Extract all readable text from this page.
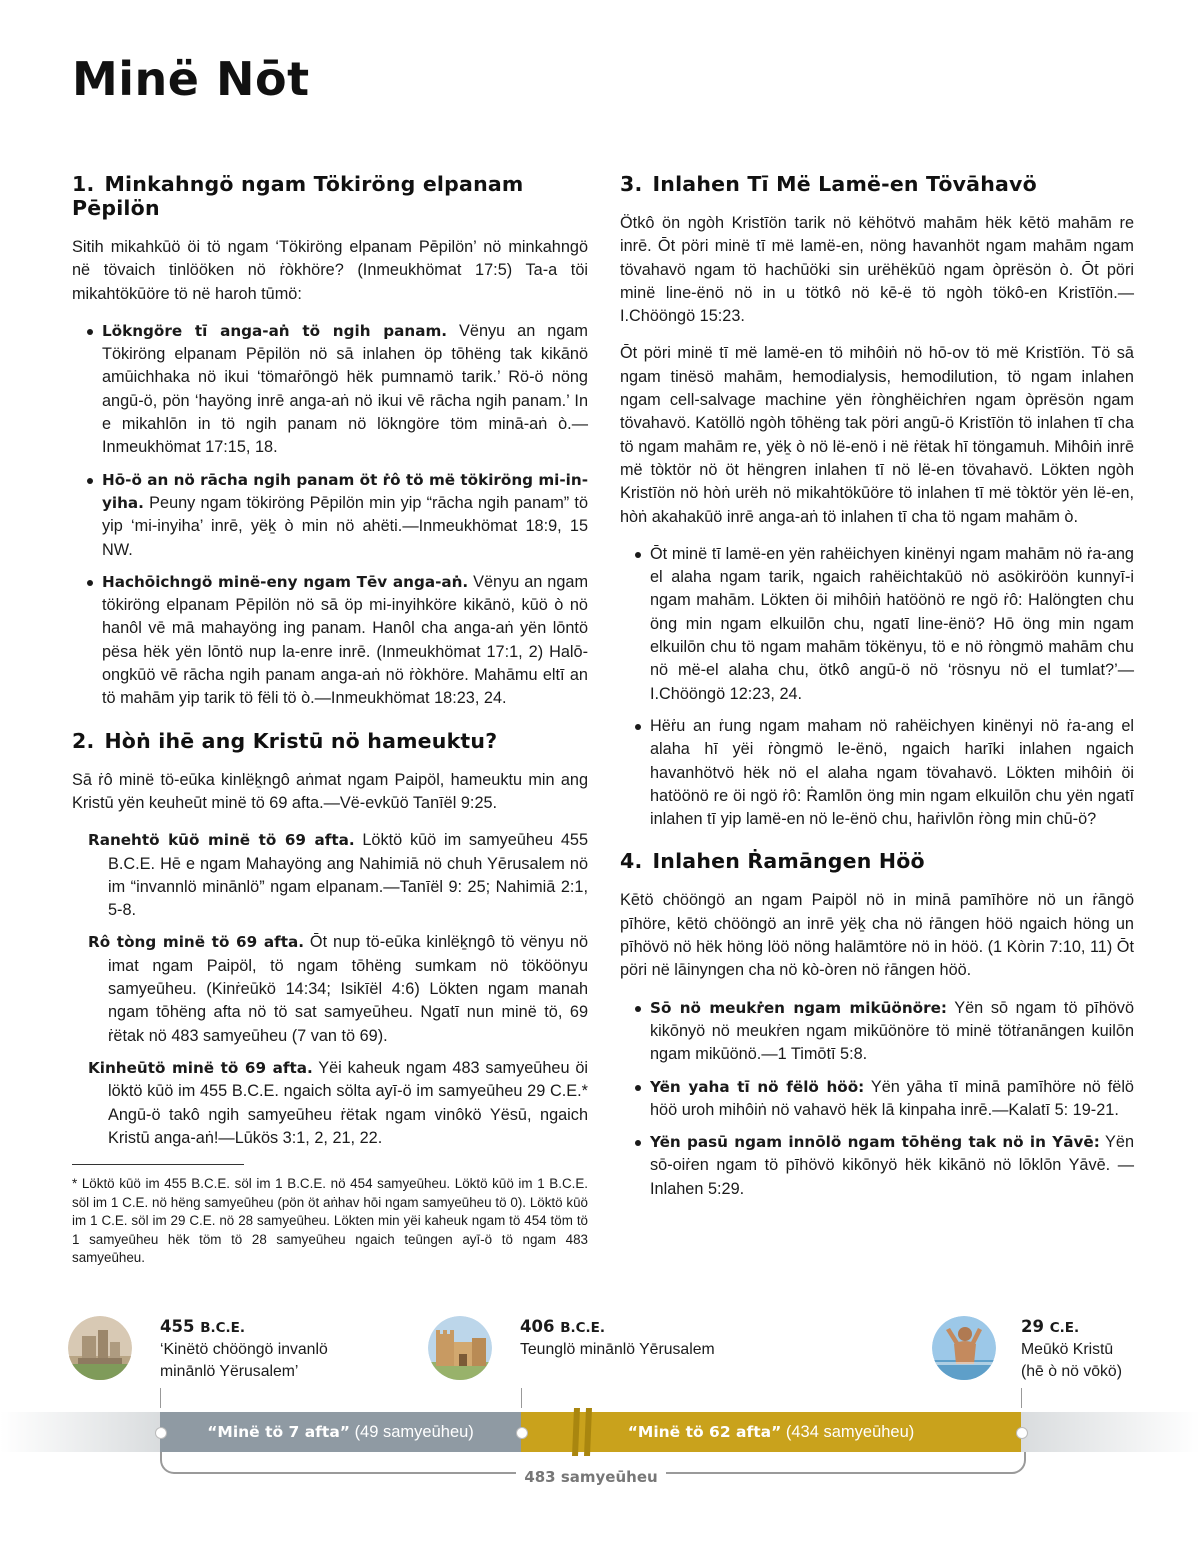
Minë Nōt
1. Minkahngö ngam Tökiröng elpanam Pēpilön

Sitih mikahkūö öi tö ngam ‘Tökiröng elpanam Pēpilön’ nö minkahngö në tövaich tinlööken nö ṙòkhöre? (Inmeukhömat 17:5) Ta-a töi mikahtökūöre tö në haroh tūmö:

Lökngöre tī anga-aṅ tö ngih panam. Vënyu an ngam Tökiröng elpanam Pēpilön nö sā inlahen öp tōhëng tak kikānö amūichhaka nö ikui ‘tömaṙōngö hëk pumnamö tarik.’ Rö-ö nöng angū-ö, pön ‘hayöng inrē anga-aṅ nö ikui vē rācha ngih panam.’ In e mikahlōn in tö ngih panam nö lökngöre töm minā-aṅ ò.—Inmeukhömat 17:15, 18.
Hō-ö an nö rācha ngih panam öt ṙô tö më tökiröng mi-inyiha. Peuny ngam tökiröng Pēpilön min yip “rācha ngih panam” tö yip ‘mi-inyiha’ inrē, yëḵ ò min nö ahëti.—Inmeukhömat 18:9, 15 NW.
Hachōichngö minë-eny ngam Tēv anga-aṅ. Vënyu an ngam tökiröng elpanam Pēpilön nö sā öp mi-inyihköre kikānö, kūö ò nö hanôl vē mā mahayöng ing panam. Hanôl cha anga-aṅ yën lōntö pësa hëk yën lōntö nup la-enre inrē. (Inmeukhömat 17:1, 2) Halō-ongkūö vē rācha ngih panam anga-aṅ nö ṙòkhöre. Mahāmu eltī an tö mahām yip tarik tö fëli tö ò.—Inmeukhömat 18:23, 24.
2. Hòṅ ihē ang Kristū nö hameuktu?

Sā ṙô minë tö-eūka kinlëḵngô aṅmat ngam Paipöl, hameuktu min ang Kristū yën keuheūt minë tö 69 afta.—Vë-evkūö Tanīël 9:25.

Ranehtö kūö minë tö 69 afta. Löktö kūö im samyeūheu 455 B.C.E. Hē e ngam Mahayöng ang Nahimiā nö chuh Yērusalem nö im “invannlö minānlö” ngam elpanam.—Tanīël 9: 25; Nahimiā 2:1, 5-8.
Rô tòng minë tö 69 afta. Ōt nup tö-eūka kinlëḵngô tö vënyu nö imat ngam Paipöl, tö ngam tōhëng sumkam nö tököönyu samyeūheu. (Kinṙeūkö 14:34; Isikīël 4:6) Lökten ngam manah ngam tōhëng afta nö tö sat samyeūheu. Ngatī nun minë tö, 69 ṙëtak nö 483 samyeūheu (7 van tö 69).
Kinheūtö minë tö 69 afta. Yëi kaheuk ngam 483 samyeūheu öi löktö kūö im 455 B.C.E. ngaich sölta ayī-ö im samyeūheu 29 C.E.* Angū-ö takô ngih samyeūheu ṙëtak ngam vinôkö Yësū, ngaich Kristū anga-aṅ!—Lūkös 3:1, 2, 21, 22.

* Löktö kūö im 455 B.C.E. söl im 1 B.C.E. nö 454 samyeūheu. Löktö kūö im 1 B.C.E. söl im 1 C.E. nö hëng samyeūheu (pön öt aṅhav hōi ngam samyeūheu tö 0). Löktö kūö im 1 C.E. söl im 29 C.E. nö 28 samyeūheu. Lökten min yëi kaheuk ngam tö 454 töm tö 1 samyeūheu hëk töm tö 28 samyeūheu ngaich teūngen ayī-ö tö ngam 483 samyeūheu.

3. Inlahen Tī Më Lamë-en Tövāhavö

Ötkô ön ngòh Kristīön tarik nö këhötvö mahām hëk kētö mahām re inrē. Ōt pöri minë tī më lamë-en, nöng havanhöt ngam mahām ngam tövahavö ngam tö hachūöki sin urëhëkūö ngam òprësön ò. Ōt pöri minë line-ënö nö in u tötkô nö kē-ë tö ngòh tökô-en Kristīön.—I.Chööngö 15:23.

Ōt pöri minë tī më lamë-en tö mihôiṅ nö hō-ov tö më Kristīön. Tö sā ngam tinësö mahām, hemodialysis, hemodilution, tö ngam inlahen ngam cell-salvage machine yën ṙònghëichṙen ngam òprësön ngam tövahavö. Katöllö ngòh tōhëng tak pöri angū-ö Kristīön tö inlahen tī cha tö ngam mahām re, yëḵ ò nö lë-enö i në ṙëtak hī töngamuh. Mihôiṅ inrē më tòktör nö öt hëngren inlahen tī nö lë-en tövahavö. Lökten ngòh Kristīön nö hòṅ urëh nö mikahtökūöre tö inlahen tī më tòktör yën lë-en, hòṅ akahakūö inrē anga-aṅ tö inlahen tī cha tö ngam mahām ò.

Ōt minë tī lamë-en yën rahëichyen kinënyi ngam mahām nö ṙa-ang el alaha ngam tarik, ngaich rahëichtakūö nö asökiröön kunnyī-i ngam mahām. Lökten öi mihôiṅ hatöönö re ngö ṙô: Halöngten chu öng min ngam elkuilōn chu, ngatī line-ënö? Hō öng min ngam elkuilōn chu tö ngam mahām tökënyu, tö e nö ṙòngmö mahām chu nö më-el alaha chu, ötkô angū-ö nö ‘rösnyu nö el tumlat?’—I.Chööngö 12:23, 24.
Hëṙu an ṙung ngam maham nö rahëichyen kinënyi nö ṙa-ang el alaha hī yëi ṙòngmö le-ënö, ngaich harīki inlahen ngaich havanhötvö hëk nö el alaha ngam tövahavö. Lökten mihôiṅ öi hatöönö re öi ngö ṙô: Ṙamlōn öng min ngam elkuilōn chu yën ngatī inlahen tī yip lamë-en nö le-ënö chu, haṙivlōn ṙòng min chū-ö?
4. Inlahen Ṙamāngen Höö

Kētö chööngö an ngam Paipöl nö in minā pamīhöre nö un ṙāngö pīhöre, kētö chööngö an inrē yëḵ cha nö ṙāngen höö ngaich höng un pīhövö nö hëk höng löö nöng halāmtöre nö in höö. (1 Kòrin 7:10, 11) Ōt pöri në lāinyngen cha nö kò-òren nö ṙāngen höö.

Sō nö meukṙen ngam mikūönöre: Yën sō ngam tö pīhövö kikōnyö nö meukṙen ngam mikūönöre tö minë tötṙanāngen kuilōn ngam mikūönö.—1 Timōtī 5:8.
Yën yaha tī nö fëlö höö: Yën yāha tī minā pamīhöre nö fëlö höö uroh mihôiṅ nö vahavö hëk lā kinpaha inrē.—Kalatī 5: 19-21.
Yën pasū ngam innōlö ngam tōhëng tak nö in Yāvē: Yën sō-oiṙen ngam tö pīhövö kikōnyö hëk kikānö nö lōklōn Yāvē. —Inlahen 5:29.
455 B.C.E.
‘Kinëtö chööngö invanlö
minānlö Yërusalem’
406 B.C.E.
Teunglö minānlö Yērusalem
29 C.E.
Meūkö Kristū
(hē ò nö vōkö)
“Minë tö 7 afta”
(49 samyeūheu)	“Minë tö 62 afta”
(434 samyeūheu)
483 samyeūheu
